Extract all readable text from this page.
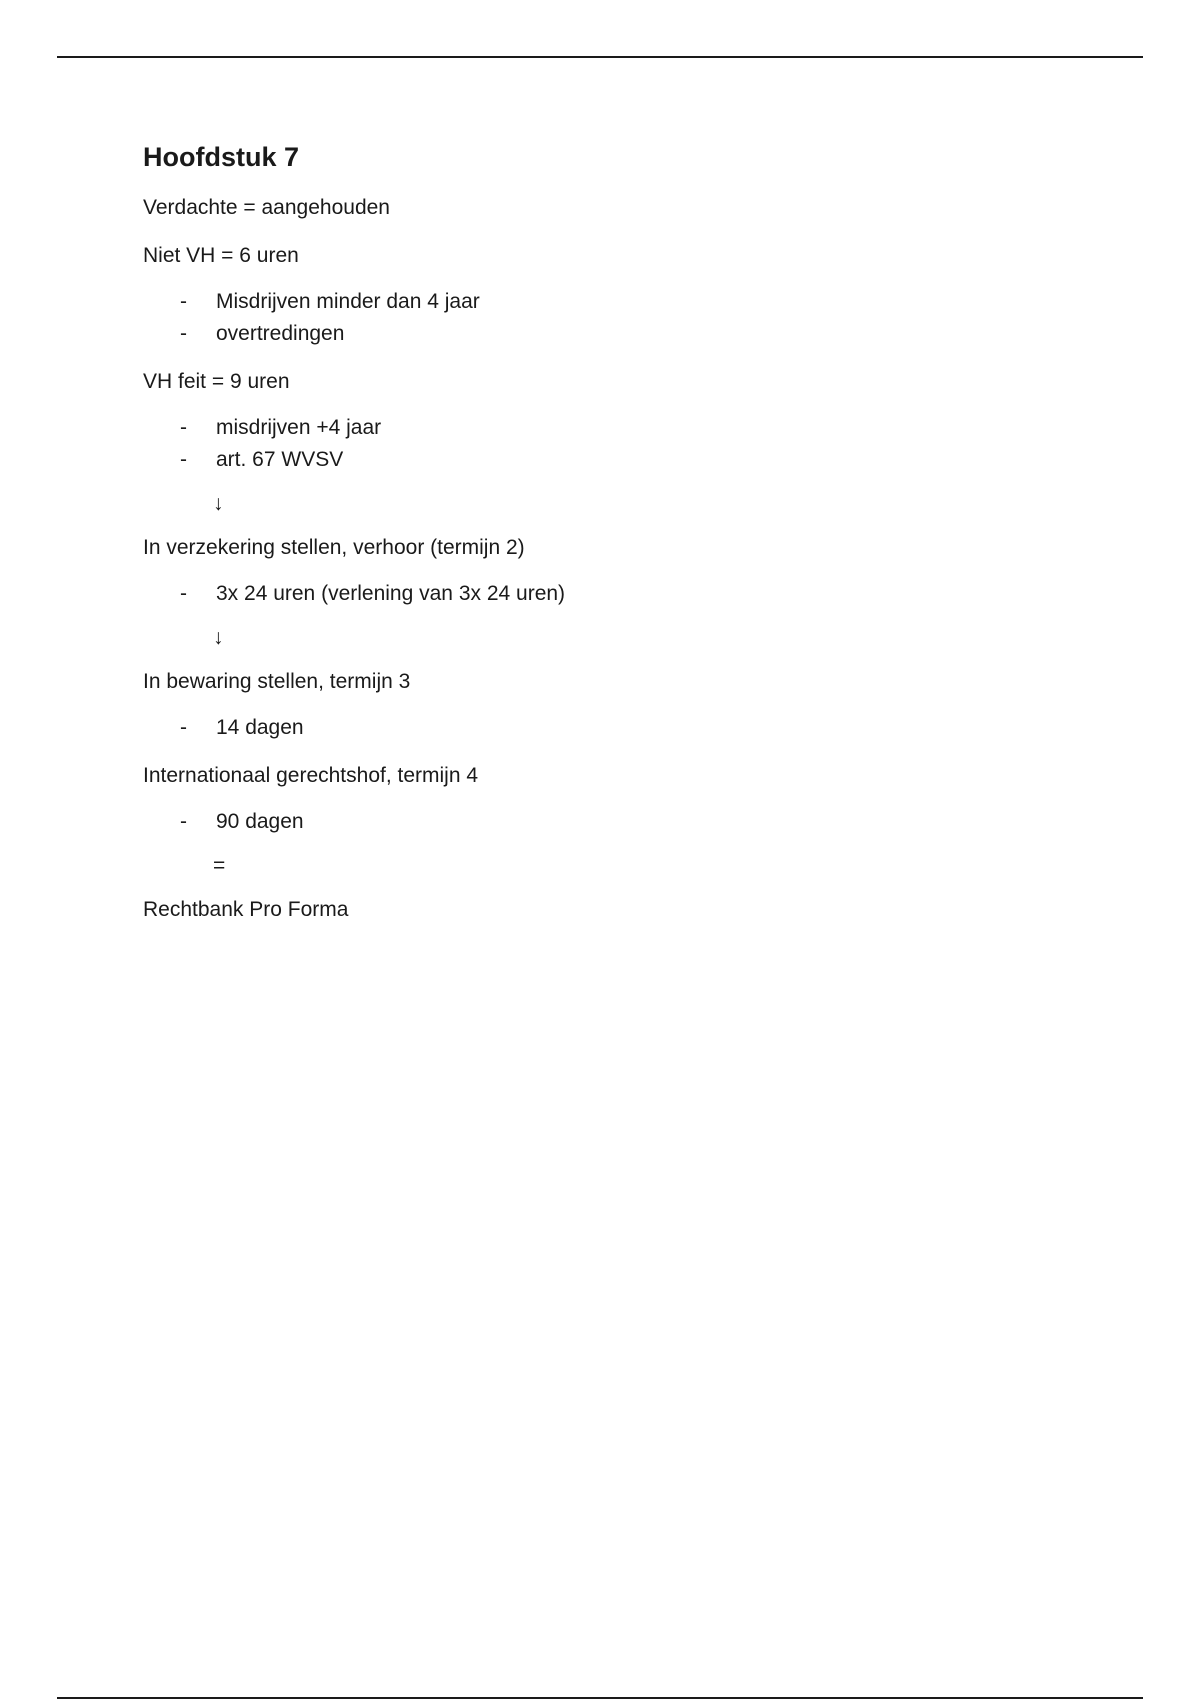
Hoofdstuk 7
Verdachte = aangehouden
Niet VH = 6 uren
- Misdrijven minder dan 4 jaar
- overtredingen
VH feit = 9 uren
- misdrijven +4 jaar
- art. 67 WVSV
↓
In verzekering stellen, verhoor (termijn 2)
- 3x 24 uren (verlening van 3x 24 uren)
↓
In bewaring stellen, termijn 3
- 14 dagen
Internationaal gerechtshof, termijn 4
- 90 dagen
=
Rechtbank Pro Forma
